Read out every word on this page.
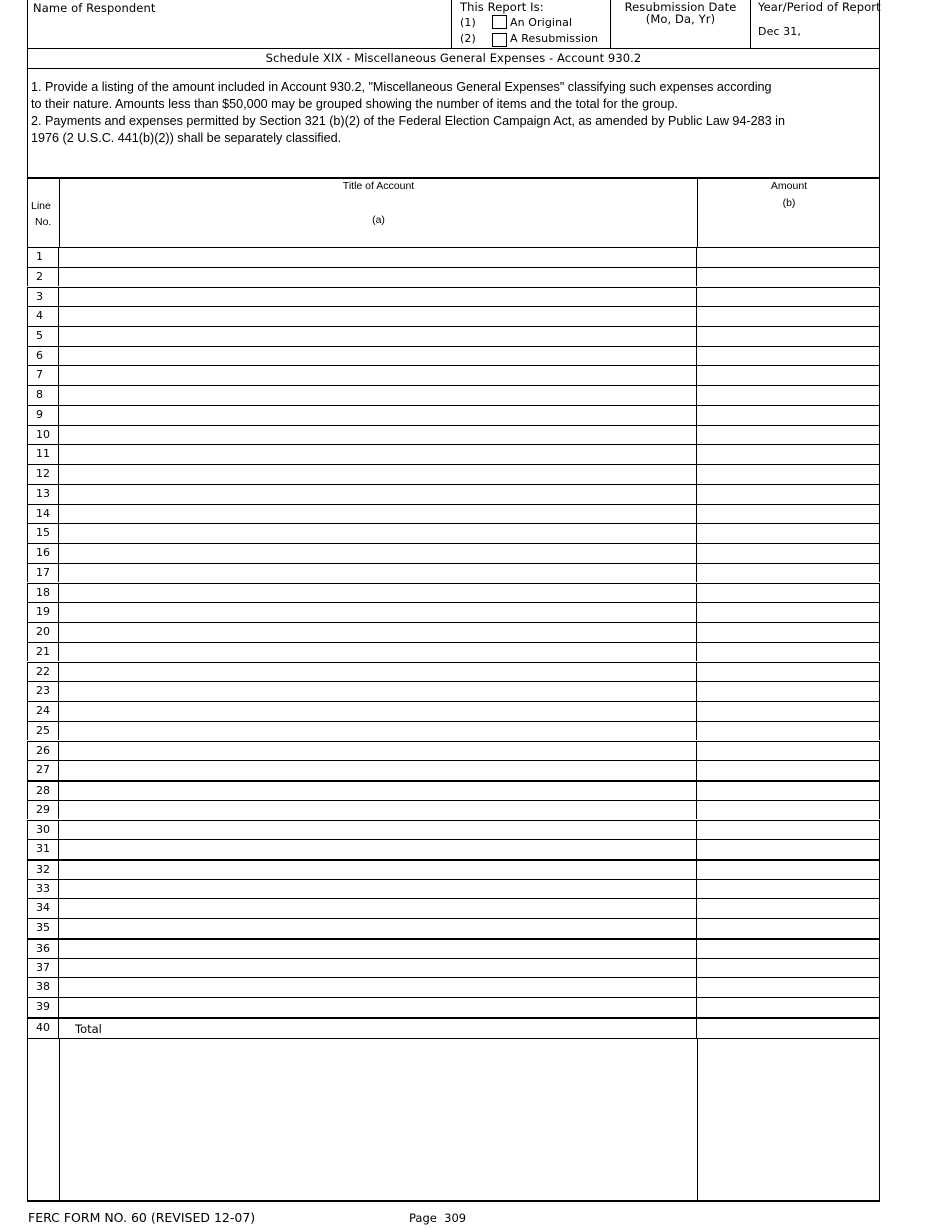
Name of Respondent	This Report Is:
(1)	An Original
(2)	A Resubmission
Resubmission Date
(Mo, Da, Yr)
Year/Period of Report
Dec 31,
Schedule XIX - Miscellaneous General Expenses - Account 930.2
1. Provide a listing of the amount included in Account 930.2, "Miscellaneous General Expenses" classifying such expenses according
to their nature. Amounts less than $50,000 may be grouped showing the number of items and the total for the group.
2. Payments and expenses permitted by Section 321 (b)(2) of the Federal Election Campaign Act, as amended by Public Law 94-283 in
1976 (2 U.S.C. 441(b)(2)) shall be separately classified.
Line
No.
Title of Account
(a)
Amount
(b)
1
2
3
4
5
6
7
8
9
10
11
12
13
14
15
16
17
18
19
20
21
22
23
24
25
26
27
28
29
30
31
32
33
34
35
36
37
38
39
40	Total
FERC FORM NO. 60 (REVISED 12-07)	Page 309
